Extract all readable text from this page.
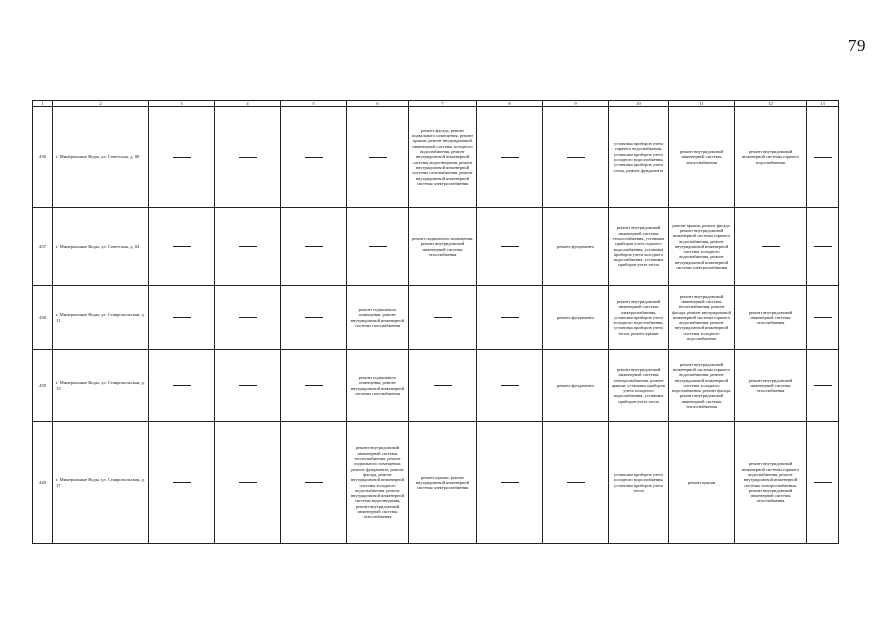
79
1	2	3	4	5	6	7	8	9	10	11	12	13
436	г. Минеральные Воды, ул. Советская, д. 80					ремонт фасада, ремонт подвального помещения, ремонт крыши, ремонт внутридомовой инженерной системы холодного водоснабжения, ремонт внутридомовой инженерной системы водоотведения, ремонт внутридомовой инженерной системы газоснабжения, ремонт внутридомовой инженерной системы электроснабжения			установка приборов учета горячего водоснабжения, установка приборов учета холодного водоснабжения, установка приборов учета тепла, ремонт фундамента	ремонт внутридомовой инженерной системы теплоснабжения	ремонт внутридомовой инженерной системы горячего водоснабжения	
437	г. Минеральные Воды, ул. Советская, д. 82					ремонт подвального помещения, ремонт внутридомовой инженерной системы газоснабжения		ремонт фундамента	ремонт внутридомовой инженерной системы теплоснабжения, установка приборов учета горячего водоснабжения, установка приборов учета холодного водоснабжения, установка приборов учета тепла	ремонт крыши, ремонт фасада, ремонт внутридомовой инженерной системы горячего водоснабжения, ремонт внутридомовой инженерной системы холодного водоснабжения, ремонт внутридомовой инженерной системы электроснабжения		
438	г. Минеральные Воды, ул. Ставропольская, д. 11				ремонт подвального помещения, ремонт внутридомовой инженерной системы газоснабжения			ремонт фундамента	ремонт внутридомовой инженерной системы электроснабжения, установка приборов учета холодного водоснабжения, установка приборов учета тепла, ремонт крыши	ремонт внутридомовой инженерной системы теплоснабжения, ремонт фасада, ремонт внутридомовой инженерной системы горячего водоснабжения, ремонт внутридомовой инженерной системы холодного водоснабжения	ремонт внутридомовой инженерной системы газоснабжения	
439	г. Минеральные Воды, ул. Ставропольская, д. 15				ремонт подвального помещения, ремонт внутридомовой инженерной системы газоснабжения			ремонт фундамента	ремонт внутридомовой инженерной системы электроснабжения, ремонт крыши, установка приборов учета холодного водоснабжения, установка приборов учета тепла	ремонт внутридомовой инженерной системы горячего водоснабжения, ремонт внутридомовой инженерной системы холодного водоснабжения, ремонт фасада, ремонт внутридомовой инженерной системы теплоснабжения	ремонт внутридомовой инженерной системы газоснабжения	
440	г. Минеральные Воды, ул. Ставропольская, д. 17				ремонт внутридомовой инженерной системы теплоснабжения, ремонт подвального помещения, ремонт фундамента, ремонт фасада, ремонт внутридомовой инженерной системы холодного водоснабжения, ремонт внутридомовой инженерной системы водоотведения, ремонт внутридомовой инженерной системы газоснабжения	ремонт крыши, ремонт внутридомовой инженерной системы электроснабжения			установка приборов учета холодного водоснабжения, установка приборов учета тепла	ремонт крыши	ремонт внутридомовой инженерной системы горячего водоснабжения, ремонт внутридомовой инженерной системы электроснабжения, ремонт внутридомовой инженерной системы газоснабжения	
